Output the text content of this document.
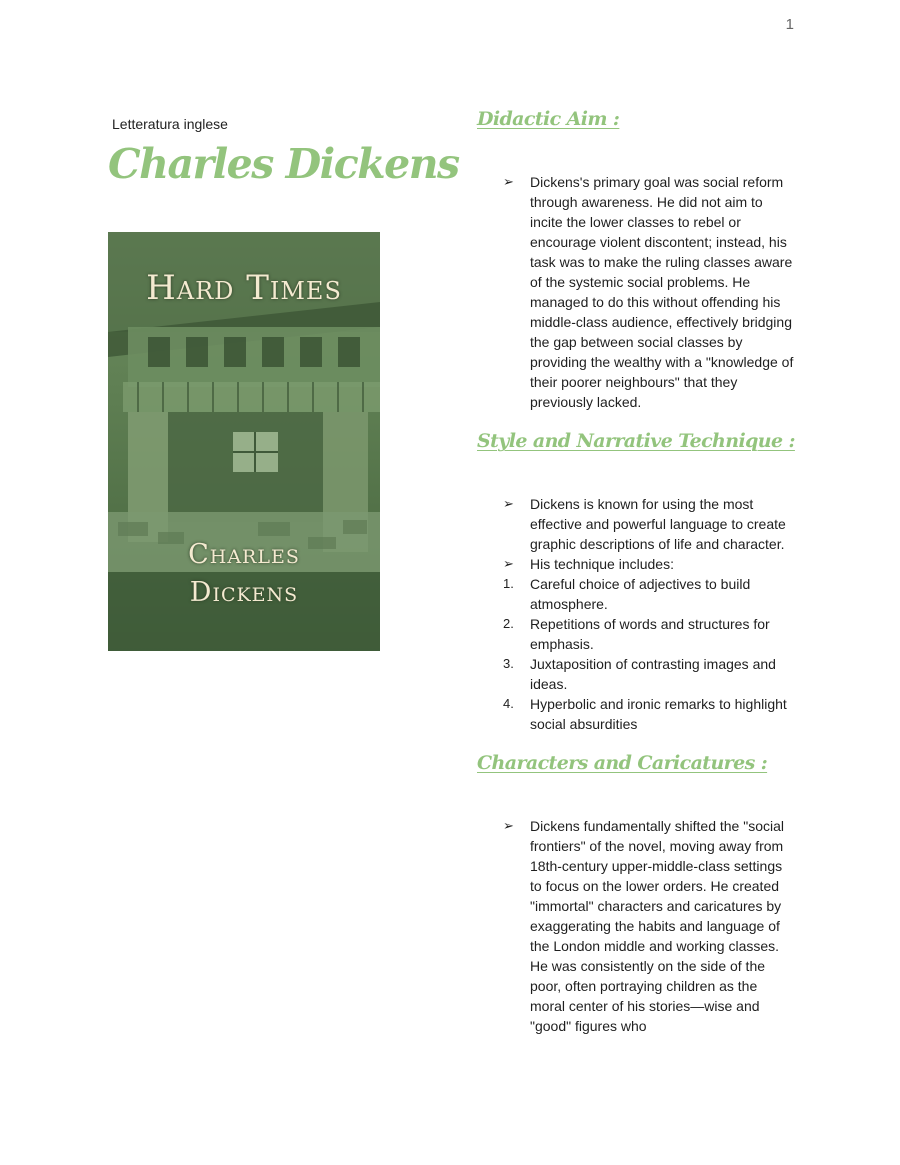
1
Letteratura inglese
Charles Dickens
Hard Times
Charles
Dickens
Didactic Aim :
➢ Dickens's primary goal was social reform through awareness. He did not aim to incite the lower classes to rebel or encourage violent discontent; instead, his task was to make the ruling classes aware of the systemic social problems. He managed to do this without offending his middle-class audience, effectively bridging the gap between social classes by providing the wealthy with a "knowledge of their poorer neighbours" that they previously lacked.
Style and Narrative Technique :
➢ Dickens is known for using the most effective and powerful language to create graphic descriptions of life and character.
➢ His technique includes:
1. Careful choice of adjectives to build atmosphere.
2. Repetitions of words and structures for emphasis.
3. Juxtaposition of contrasting images and ideas.
4. Hyperbolic and ironic remarks to highlight social absurdities
Characters and Caricatures :
➢ Dickens fundamentally shifted the "social frontiers" of the novel, moving away from 18th-century upper-middle-class settings to focus on the lower orders. He created "immortal" characters and caricatures by exaggerating the habits and language of the London middle and working classes. He was consistently on the side of the poor, often portraying children as the moral center of his stories—wise and "good" figures who
